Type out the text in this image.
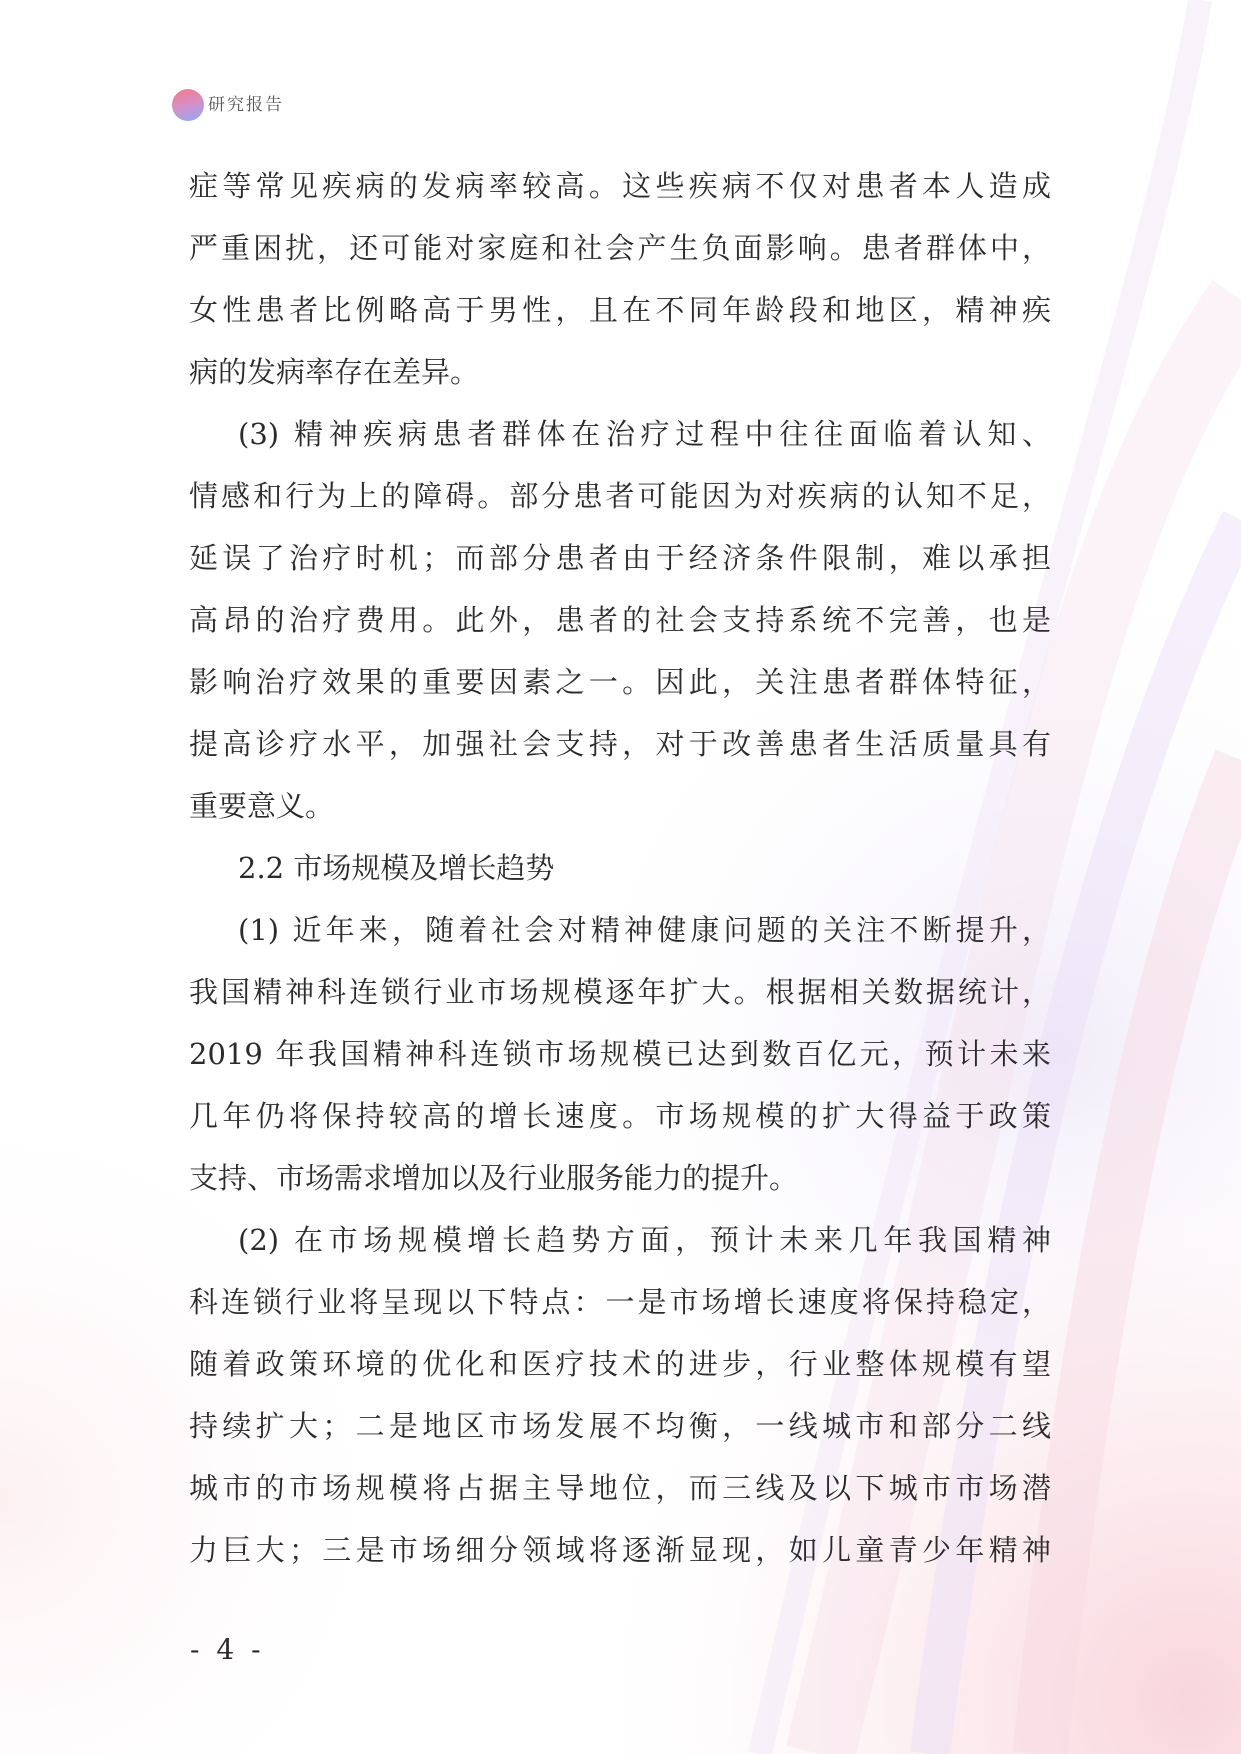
研究报告
症等常见疾病的发病率较高。这些疾病不仅对患者本人造成
严重困扰，还可能对家庭和社会产生负面影响。患者群体中，
女性患者比例略高于男性，且在不同年龄段和地区，精神疾
病的发病率存在差异。
(3) 精神疾病患者群体在治疗过程中往往面临着认知、
情感和行为上的障碍。部分患者可能因为对疾病的认知不足，
延误了治疗时机；而部分患者由于经济条件限制，难以承担
高昂的治疗费用。此外，患者的社会支持系统不完善，也是
影响治疗效果的重要因素之一。因此，关注患者群体特征，
提高诊疗水平，加强社会支持，对于改善患者生活质量具有
重要意义。
2.2 市场规模及增长趋势
(1) 近年来，随着社会对精神健康问题的关注不断提升，
我国精神科连锁行业市场规模逐年扩大。根据相关数据统计，
2019 年我国精神科连锁市场规模已达到数百亿元，预计未来
几年仍将保持较高的增长速度。市场规模的扩大得益于政策
支持、市场需求增加以及行业服务能力的提升。
(2) 在市场规模增长趋势方面，预计未来几年我国精神
科连锁行业将呈现以下特点：一是市场增长速度将保持稳定，
随着政策环境的优化和医疗技术的进步，行业整体规模有望
持续扩大；二是地区市场发展不均衡，一线城市和部分二线
城市的市场规模将占据主导地位，而三线及以下城市市场潜
力巨大；三是市场细分领域将逐渐显现，如儿童青少年精神
- 4 -
